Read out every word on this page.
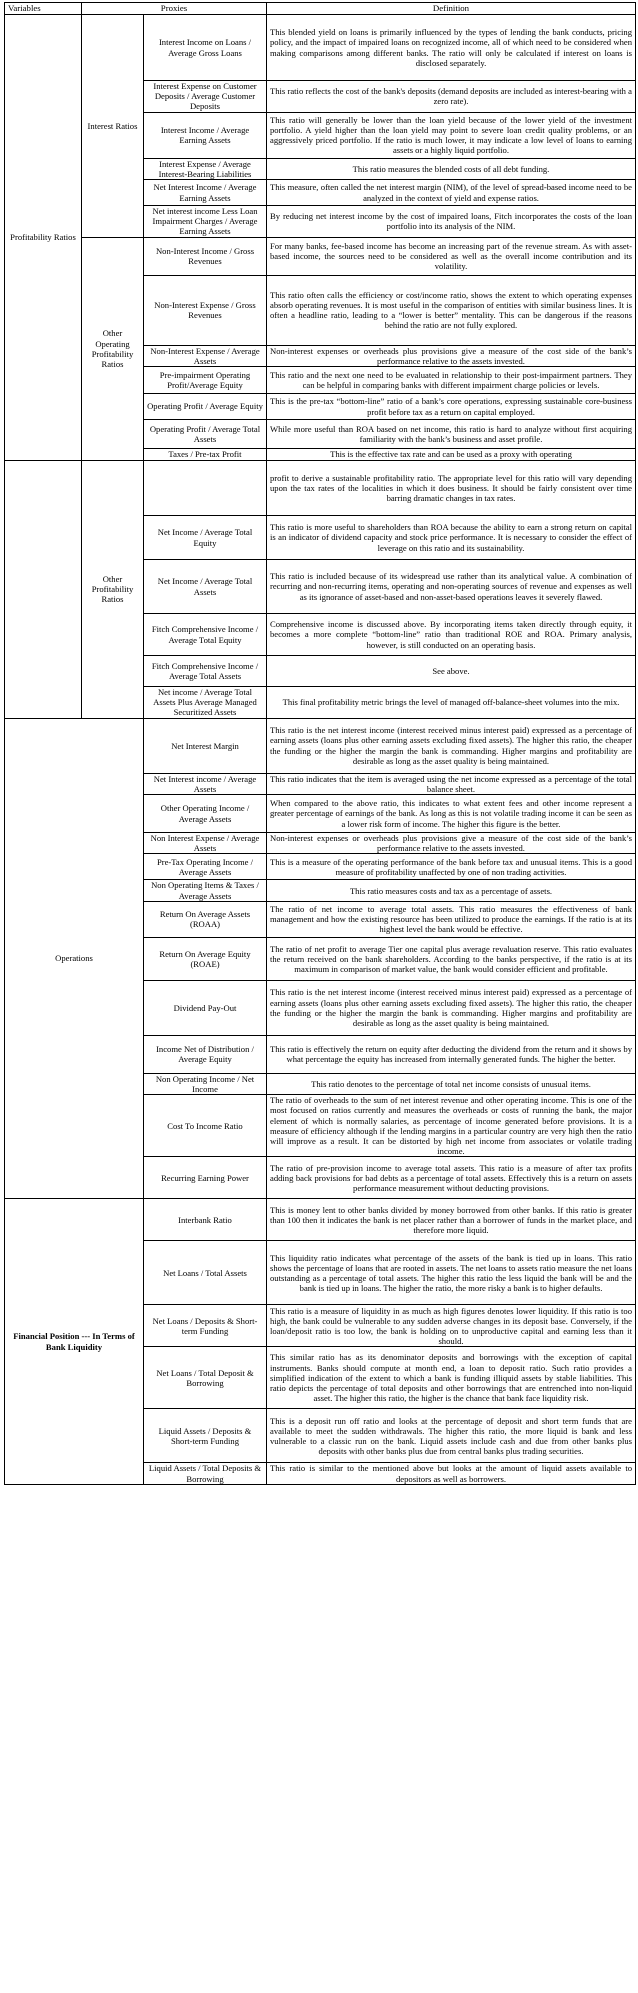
Variables	Proxies		Definition
Profitability Ratios	Interest Ratios	Interest Income on Loans / Average Gross Loans	This blended yield on loans is primarily influenced by the types of lending the bank conducts, pricing policy, and the impact of impaired loans on recognized income, all of which need to be considered when making comparisons among different banks. The ratio will only be calculated if interest on loans is disclosed separately.
		Interest Expense on Customer Deposits / Average Customer Deposits	This ratio reflects the cost of the bank's deposits (demand deposits are included as interest-bearing with a zero rate).
		Interest Income / Average Earning Assets	This ratio will generally be lower than the loan yield because of the lower yield of the investment portfolio. A yield higher than the loan yield may point to severe loan credit quality problems, or an aggressively priced portfolio. If the ratio is much lower, it may indicate a low level of loans to earning assets or a highly liquid portfolio.
		Interest Expense / Average Interest-Bearing Liabilities	This ratio measures the blended costs of all debt funding.
		Net Interest Income / Average Earning Assets	This measure, often called the net interest margin (NIM), of the level of spread-based income need to be analyzed in the context of yield and expense ratios.
		Net interest income Less Loan Impairment Charges / Average Earning Assets	By reducing net interest income by the cost of impaired loans, Fitch incorporates the costs of the loan portfolio into its analysis of the NIM.
	Other Operating Profitability Ratios	Non-Interest Income / Gross Revenues	For many banks, fee-based income has become an increasing part of the revenue stream. As with asset-based income, the sources need to be considered as well as the overall income contribution and its volatility.
		Non-Interest Expense / Gross Revenues	This ratio often calls the efficiency or cost/income ratio, shows the extent to which operating expenses absorb operating revenues. It is most useful in the comparison of entities with similar business lines. It is often a headline ratio, leading to a “lower is better” mentality. This can be dangerous if the reasons behind the ratio are not fully explored.
		Non-Interest Expense / Average Assets	Non-interest expenses or overheads plus provisions give a measure of the cost side of the bank’s performance relative to the assets invested.
		Pre-impairment Operating Profit/Average Equity	This ratio and the next one need to be evaluated in relationship to their post-impairment partners. They can be helpful in comparing banks with different impairment charge policies or levels.
		Operating Profit / Average Equity	This is the pre-tax “bottom-line” ratio of a bank’s core operations, expressing sustainable core-business profit before tax as a return on capital employed.
		Operating Profit / Average Total Assets	While more useful than ROA based on net income, this ratio is hard to analyze without first acquiring familiarity with the bank’s business and asset profile.
		Taxes / Pre-tax Profit	This is the effective tax rate and can be used as a proxy with operating
	Other Profitability Ratios		profit to derive a sustainable profitability ratio. The appropriate level for this ratio will vary depending upon the tax rates of the localities in which it does business. It should be fairly consistent over time barring dramatic changes in tax rates.
		Net Income / Average Total Equity	This ratio is more useful to shareholders than ROA because the ability to earn a strong return on capital is an indicator of dividend capacity and stock price performance. It is necessary to consider the effect of leverage on this ratio and its sustainability.
		Net Income / Average Total Assets	This ratio is included because of its widespread use rather than its analytical value. A combination of recurring and non-recurring items, operating and non-operating sources of revenue and expenses as well as its ignorance of asset-based and non-asset-based operations leaves it severely flawed.
		Fitch Comprehensive Income / Average Total Equity	Comprehensive income is discussed above. By incorporating items taken directly through equity, it becomes a more complete “bottom-line” ratio than traditional ROE and ROA. Primary analysis, however, is still conducted on an operating basis.
		Fitch Comprehensive Income / Average Total Assets	See above.
		Net income / Average Total Assets Plus Average Managed Securitized Assets	This final profitability metric brings the level of managed off-balance-sheet volumes into the mix.
Operations		Net Interest Margin	This ratio is the net interest income (interest received minus interest paid) expressed as a percentage of earning assets (loans plus other earning assets excluding fixed assets). The higher this ratio, the cheaper the funding or the higher the margin the bank is commanding. Higher margins and profitability are desirable as long as the asset quality is being maintained.
		Net Interest income / Average Assets	This ratio indicates that the item is averaged using the net income expressed as a percentage of the total balance sheet.
		Other Operating Income / Average Assets	When compared to the above ratio, this indicates to what extent fees and other income represent a greater percentage of earnings of the bank. As long as this is not volatile trading income it can be seen as a lower risk form of income. The higher this figure is the better.
		Non Interest Expense / Average Assets	Non-interest expenses or overheads plus provisions give a measure of the cost side of the bank’s performance relative to the assets invested.
		Pre-Tax Operating Income / Average Assets	This is a measure of the operating performance of the bank before tax and unusual items. This is a good measure of profitability unaffected by one of non trading activities.
		Non Operating Items & Taxes / Average Assets	This ratio measures costs and tax as a percentage of assets.
		Return On Average Assets (ROAA)	The ratio of net income to average total assets. This ratio measures the effectiveness of bank management and how the existing resource has been utilized to produce the earnings. If the ratio is at its highest level the bank would be effective.
		Return On Average Equity (ROAE)	The ratio of net profit to average Tier one capital plus average revaluation reserve. This ratio evaluates the return received on the bank shareholders. According to the banks perspective, if the ratio is at its maximum in comparison of market value, the bank would consider efficient and profitable.
		Dividend Pay-Out	This ratio is the net interest income (interest received minus interest paid) expressed as a percentage of earning assets (loans plus other earning assets excluding fixed assets). The higher this ratio, the cheaper the funding or the higher the margin the bank is commanding. Higher margins and profitability are desirable as long as the asset quality is being maintained.
		Income Net of Distribution / Average Equity	This ratio is effectively the return on equity after deducting the dividend from the return and it shows by what percentage the equity has increased from internally generated funds. The higher the better.
		Non Operating Income / Net Income	This ratio denotes to the percentage of total net income consists of unusual items.
		Cost To Income Ratio	The ratio of overheads to the sum of net interest revenue and other operating income. This is one of the most focused on ratios currently and measures the overheads or costs of running the bank, the major element of which is normally salaries, as percentage of income generated before provisions. It is a measure of efficiency although if the lending margins in a particular country are very high then the ratio will improve as a result. It can be distorted by high net income from associates or volatile trading income.
		Recurring Earning Power	The ratio of pre-provision income to average total assets. This ratio is a measure of after tax profits adding back provisions for bad debts as a percentage of total assets. Effectively this is a return on assets performance measurement without deducting provisions.
Financial Position --- In Terms of Bank Liquidity		Interbank Ratio	This is money lent to other banks divided by money borrowed from other banks. If this ratio is greater than 100 then it indicates the bank is net placer rather than a borrower of funds in the market place, and therefore more liquid.
		Net Loans / Total Assets	This liquidity ratio indicates what percentage of the assets of the bank is tied up in loans. This ratio shows the percentage of loans that are rooted in assets. The net loans to assets ratio measure the net loans outstanding as a percentage of total assets. The higher this ratio the less liquid the bank will be and the bank is tied up in loans. The higher the ratio, the more risky a bank is to higher defaults.
		Net Loans / Deposits & Short-term Funding	This ratio is a measure of liquidity in as much as high figures denotes lower liquidity. If this ratio is too high, the bank could be vulnerable to any sudden adverse changes in its deposit base. Conversely, if the loan/deposit ratio is too low, the bank is holding on to unproductive capital and earning less than it should.
		Net Loans / Total Deposit & Borrowing	This similar ratio has as its denominator deposits and borrowings with the exception of capital instruments. Banks should compute at month end, a loan to deposit ratio. Such ratio provides a simplified indication of the extent to which a bank is funding illiquid assets by stable liabilities. This ratio depicts the percentage of total deposits and other borrowings that are entrenched into non-liquid asset. The higher this ratio, the higher is the chance that bank face liquidity risk.
		Liquid Assets / Deposits & Short-term Funding	This is a deposit run off ratio and looks at the percentage of deposit and short term funds that are available to meet the sudden withdrawals. The higher this ratio, the more liquid is bank and less vulnerable to a classic run on the bank. Liquid assets include cash and due from other banks plus deposits with other banks plus due from central banks plus trading securities.
		Liquid Assets / Total Deposits & Borrowing	This ratio is similar to the mentioned above but looks at the amount of liquid assets available to depositors as well as borrowers.
